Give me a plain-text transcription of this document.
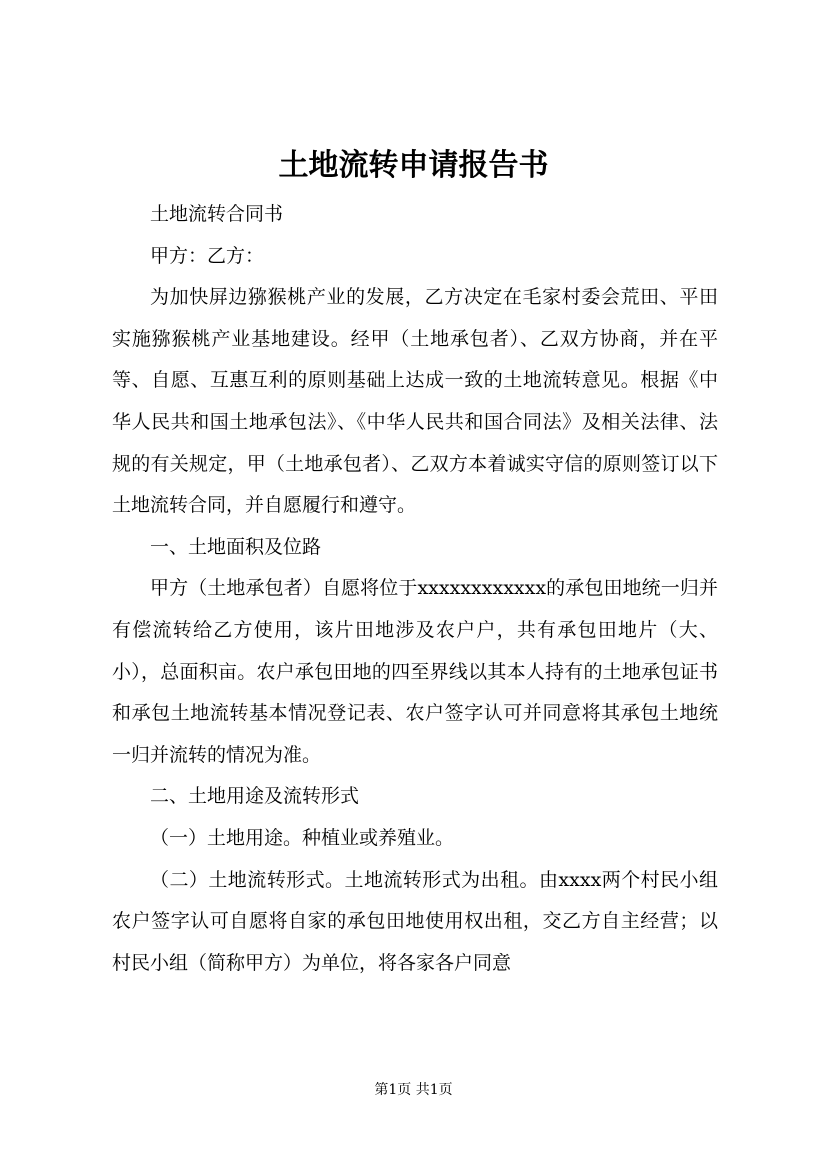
土地流转申请报告书

土地流转合同书

甲方：乙方：

为加快屏边猕猴桃产业的发展，乙方决定在毛家村委会荒田、平田实施猕猴桃产业基地建设。经甲（土地承包者）、乙双方协商，并在平等、自愿、互惠互利的原则基础上达成一致的土地流转意见。根据《中华人民共和国土地承包法》、《中华人民共和国合同法》及相关法律、法规的有关规定，甲（土地承包者）、乙双方本着诚实守信的原则签订以下土地流转合同，并自愿履行和遵守。

一、土地面积及位路

甲方（土地承包者）自愿将位于xxxxxxxxxxxx的承包田地统一归并有偿流转给乙方使用，该片田地涉及农户户，共有承包田地片（大、小），总面积亩。农户承包田地的四至界线以其本人持有的土地承包证书和承包土地流转基本情况登记表、农户签字认可并同意将其承包土地统一归并流转的情况为准。

二、土地用途及流转形式

（一）土地用途。种植业或养殖业。

（二）土地流转形式。土地流转形式为出租。由xxxx两个村民小组农户签字认可自愿将自家的承包田地使用权出租，交乙方自主经营；以村民小组（简称甲方）为单位，将各家各户同意

第1页 共1页
